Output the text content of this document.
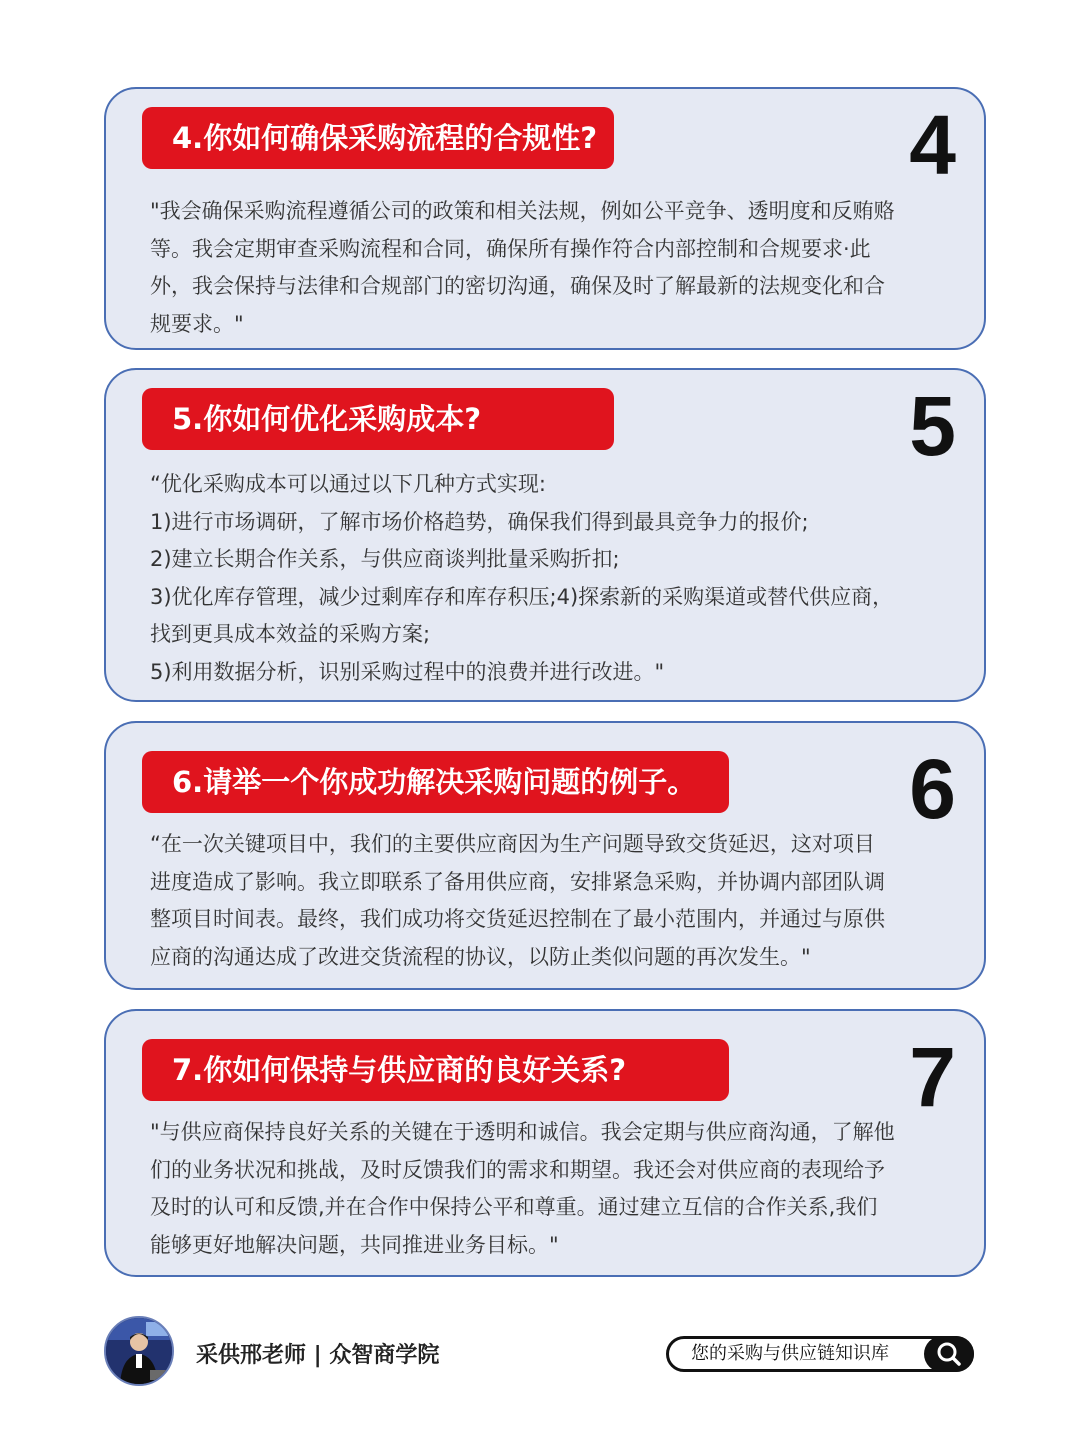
4.你如何确保采购流程的合规性?	4
"我会确保采购流程遵循公司的政策和相关法规，例如公平竞争、透明度和反贿赂
等。我会定期审查采购流程和合同，确保所有操作符合内部控制和合规要求·此
外，我会保持与法律和合规部门的密切沟通，确保及时了解最新的法规变化和合
规要求。"
5.你如何优化采购成本?	5
“优化采购成本可以通过以下几种方式实现:
1)进行市场调研，了解市场价格趋势，确保我们得到最具竞争力的报价;
2)建立长期合作关系，与供应商谈判批量采购折扣;
3)优化库存管理，减少过剩库存和库存积压;4)探索新的采购渠道或替代供应商，
找到更具成本效益的采购方案;
5)利用数据分析，识别采购过程中的浪费并进行改进。"
6.请举一个你成功解决采购问题的例子。	6
“在一次关键项目中，我们的主要供应商因为生产问题导致交货延迟，这对项目
进度造成了影响。我立即联系了备用供应商，安排紧急采购，并协调内部团队调
整项目时间表。最终，我们成功将交货延迟控制在了最小范围内，并通过与原供
应商的沟通达成了改进交货流程的协议，以防止类似问题的再次发生。"
7.你如何保持与供应商的良好关系?	7
"与供应商保持良好关系的关键在于透明和诚信。我会定期与供应商沟通，了解他
们的业务状况和挑战，及时反馈我们的需求和期望。我还会对供应商的表现给予
及时的认可和反馈,并在合作中保持公平和尊重。通过建立互信的合作关系,我们
能够更好地解决问题，共同推进业务目标。"
采供邢老师 | 众智商学院	您的采购与供应链知识库
